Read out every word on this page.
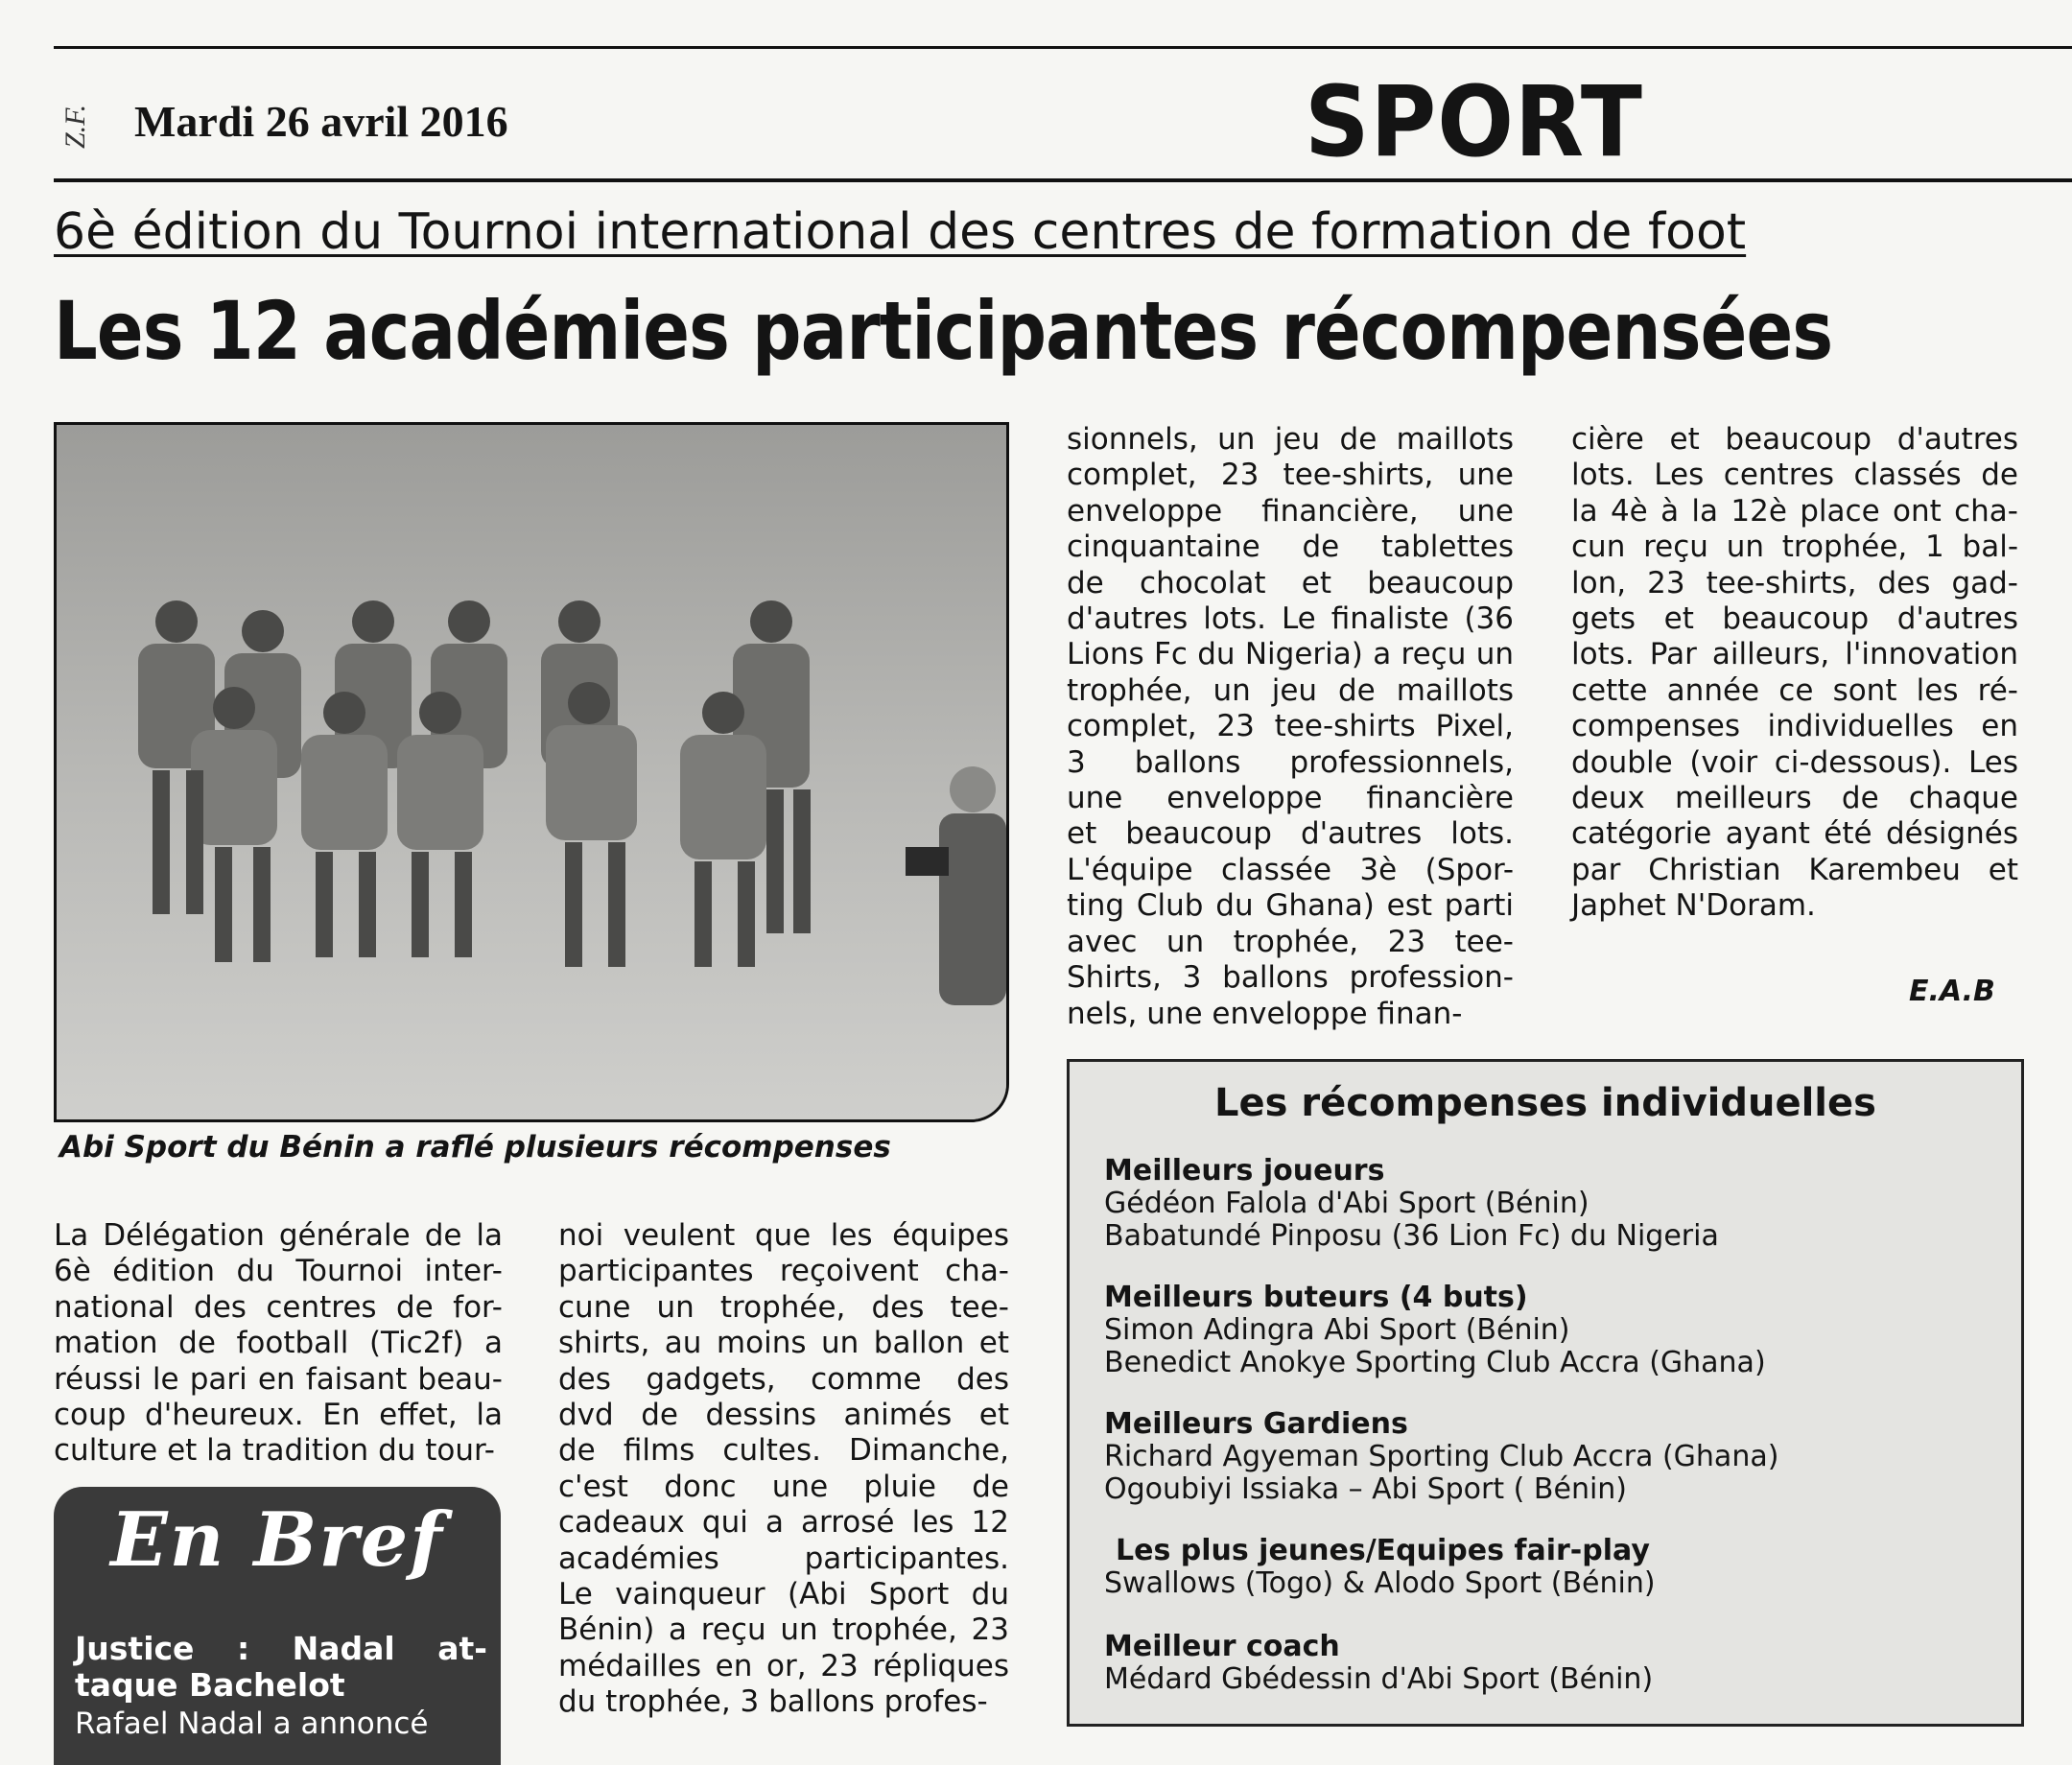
Z.F. Mardi 26 avril 2016	SPORT
6è édition du Tournoi international des centres de formation de foot
Les 12 académies participantes récompensées
Abi Sport du Bénin a raflé plusieurs récompenses
La Délégation générale de la
6è édition du Tournoi inter-
national des centres de for-
mation de football (Tic2f) a
réussi le pari en faisant beau-
coup d'heureux. En effet, la
culture et la tradition du tour-
noi veulent que les équipes
participantes reçoivent cha-
cune un trophée, des tee-
shirts, au moins un ballon et
des gadgets, comme des
dvd de dessins animés et
de films cultes. Dimanche,
c'est donc une pluie de
cadeaux qui a arrosé les 12
académies participantes.
Le vainqueur (Abi Sport du
Bénin) a reçu un trophée, 23
médailles en or, 23 répliques
du trophée, 3 ballons profes-
sionnels, un jeu de maillots
complet, 23 tee-shirts, une
enveloppe financière, une
cinquantaine de tablettes
de chocolat et beaucoup
d'autres lots. Le finaliste (36
Lions Fc du Nigeria) a reçu un
trophée, un jeu de maillots
complet, 23 tee-shirts Pixel,
3 ballons professionnels,
une enveloppe financière
et beaucoup d'autres lots.
L'équipe classée 3è (Spor-
ting Club du Ghana) est parti
avec un trophée, 23 tee-
Shirts, 3 ballons profession-
nels, une enveloppe finan-
cière et beaucoup d'autres
lots. Les centres classés de
la 4è à la 12è place ont cha-
cun reçu un trophée, 1 bal-
lon, 23 tee-shirts, des gad-
gets et beaucoup d'autres
lots. Par ailleurs, l'innovation
cette année ce sont les ré-
compenses individuelles en
double (voir ci-dessous). Les
deux meilleurs de chaque
catégorie ayant été désignés
par Christian Karembeu et
Japhet N'Doram.
E.A.B
Les récompenses individuelles
Meilleurs joueurs
Gédéon Falola d'Abi Sport (Bénin)
Babatundé Pinposu (36 Lion Fc) du Nigeria
Meilleurs buteurs (4 buts)
Simon Adingra Abi Sport (Bénin)
Benedict Anokye Sporting Club Accra (Ghana)
Meilleurs Gardiens
Richard Agyeman Sporting Club Accra (Ghana)
Ogoubiyi Issiaka – Abi Sport ( Bénin)
Les plus jeunes/Equipes fair-play
Swallows (Togo) & Alodo Sport (Bénin)
Meilleur coach
Médard Gbédessin d'Abi Sport (Bénin)
En Bref
Justice : Nadal at-
taque Bachelot
Rafael Nadal a annoncé
